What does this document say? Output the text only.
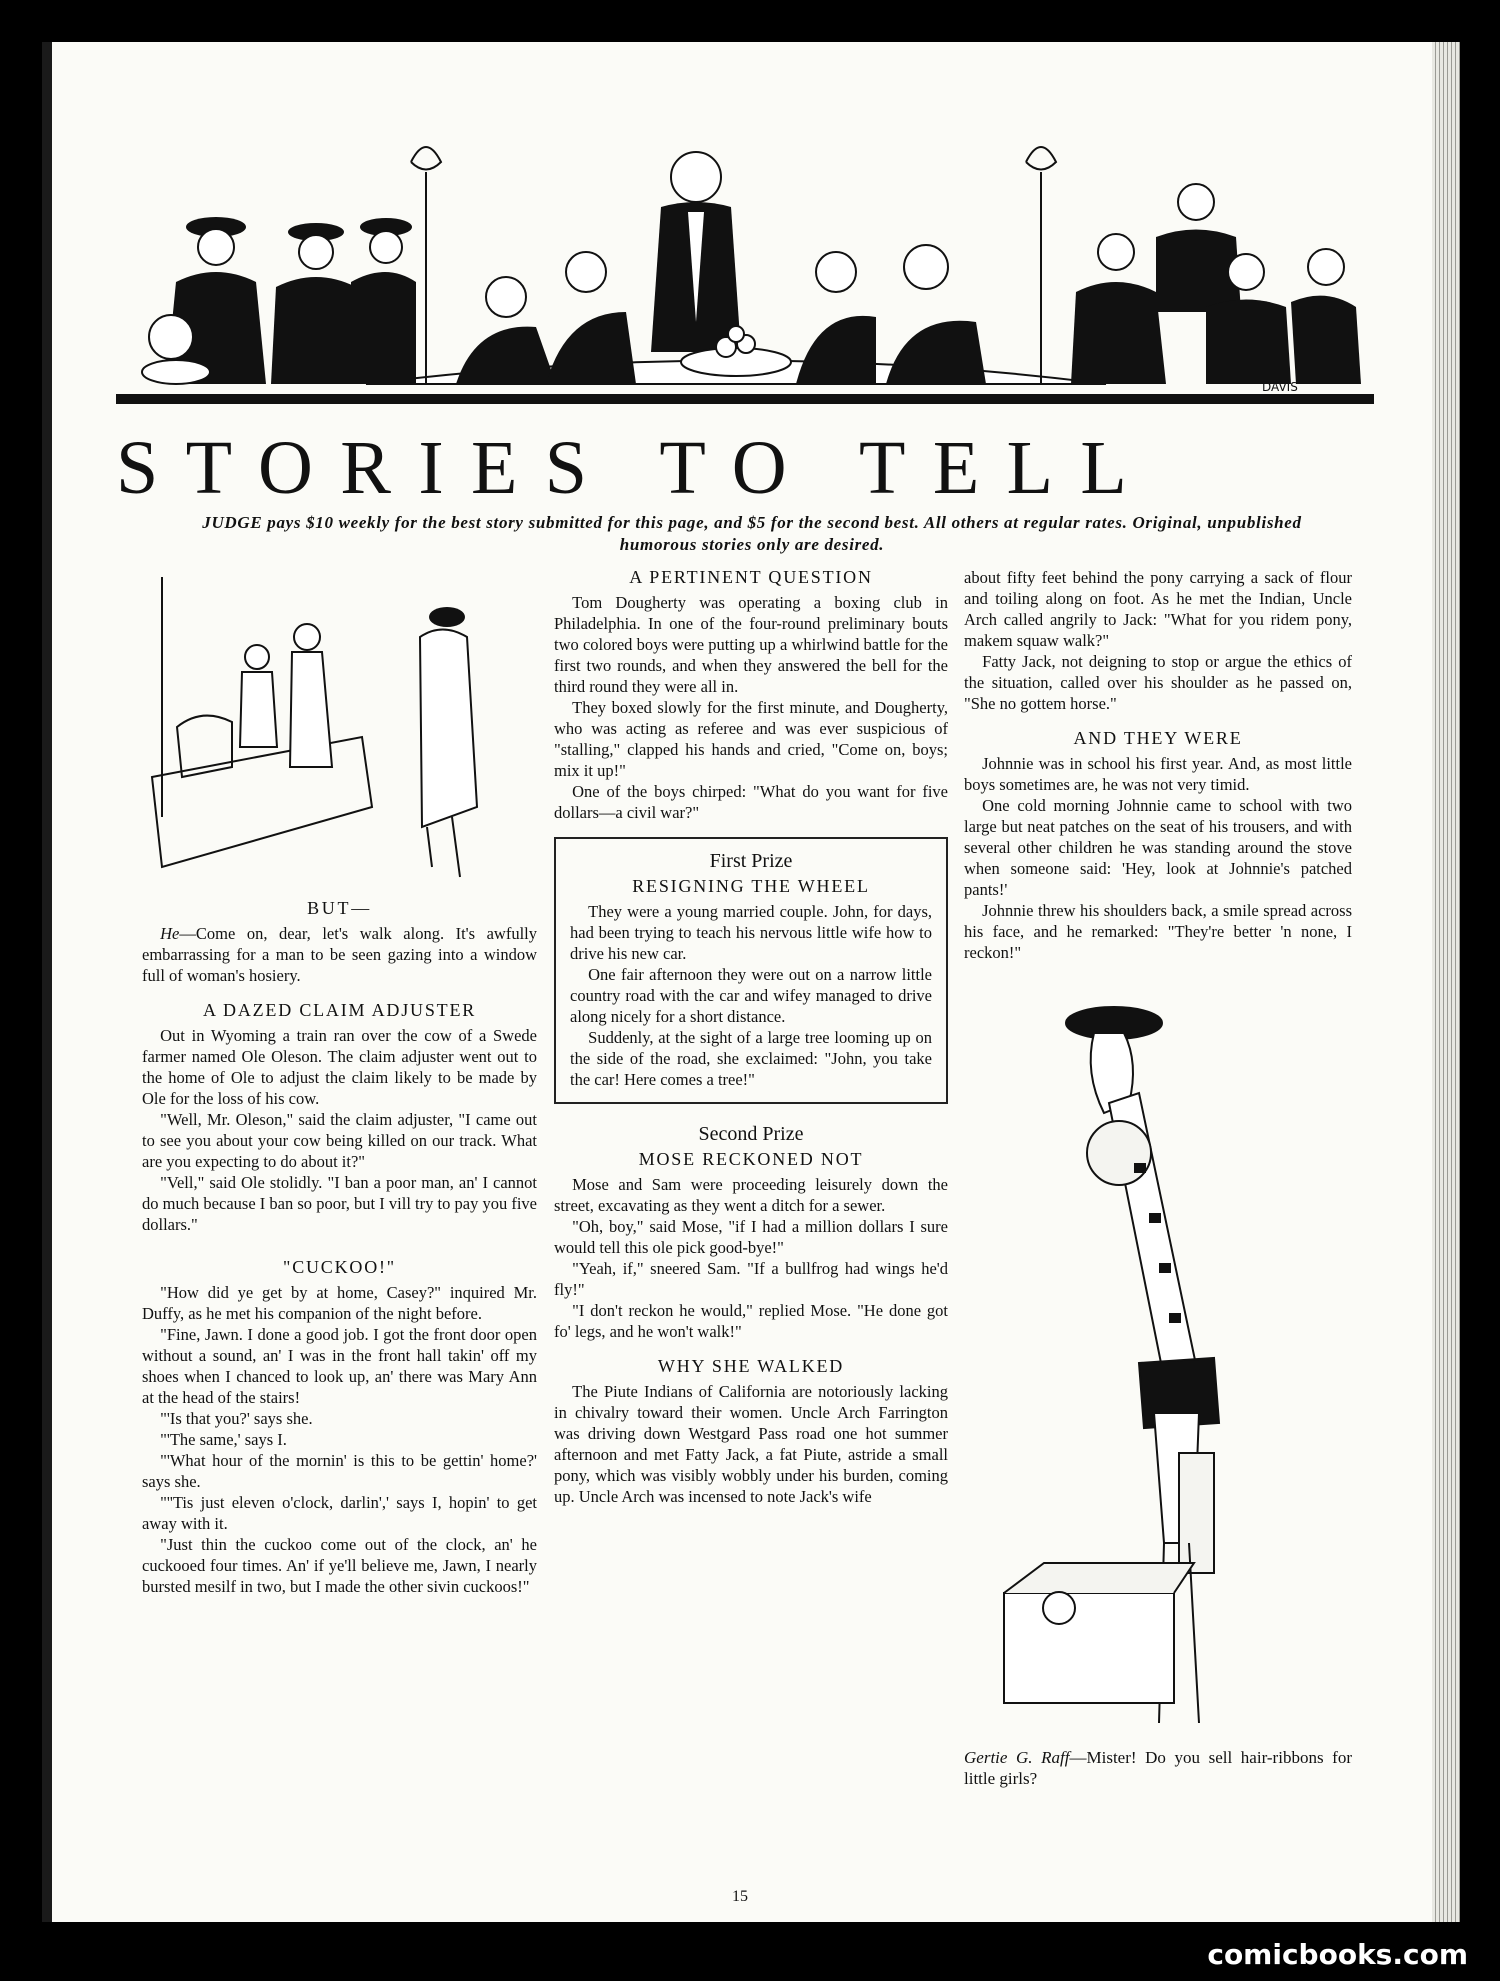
DAVIS
STORIES TO TELL
JUDGE pays $10 weekly for the best story submitted for this page, and $5 for the second best. All others at regular rates. Original, unpublished humorous stories only are desired.
BUT—

He—Come on, dear, let's walk along. It's awfully embarrassing for a man to be seen gazing into a window full of woman's hosiery.

A DAZED CLAIM ADJUSTER

Out in Wyoming a train ran over the cow of a Swede farmer named Ole Oleson. The claim adjuster went out to the home of Ole to adjust the claim likely to be made by Ole for the loss of his cow.

"Well, Mr. Oleson," said the claim adjuster, "I came out to see you about your cow being killed on our track. What are you expecting to do about it?"

"Vell," said Ole stolidly. "I ban a poor man, an' I cannot do much because I ban so poor, but I vill try to pay you five dollars."

"CUCKOO!"

"How did ye get by at home, Casey?" inquired Mr. Duffy, as he met his companion of the night before.

"Fine, Jawn. I done a good job. I got the front door open without a sound, an' I was in the front hall takin' off my shoes when I chanced to look up, an' there was Mary Ann at the head of the stairs!

"'Is that you?' says she.

"'The same,' says I.

"'What hour of the mornin' is this to be gettin' home?' says she.

"''Tis just eleven o'clock, darlin',' says I, hopin' to get away with it.

"Just thin the cuckoo come out of the clock, an' he cuckooed four times. An' if ye'll believe me, Jawn, I nearly bursted mesilf in two, but I made the other sivin cuckoos!"

A PERTINENT QUESTION

Tom Dougherty was operating a boxing club in Philadelphia. In one of the four-round preliminary bouts two colored boys were putting up a whirlwind battle for the first two rounds, and when they answered the bell for the third round they were all in.

They boxed slowly for the first minute, and Dougherty, who was acting as referee and was ever suspicious of "stalling," clapped his hands and cried, "Come on, boys; mix it up!"

One of the boys chirped: "What do you want for five dollars—a civil war?"

First Prize
RESIGNING THE WHEEL

They were a young married couple. John, for days, had been trying to teach his nervous little wife how to drive his new car.

One fair afternoon they were out on a narrow little country road with the car and wifey managed to drive along nicely for a short distance.

Suddenly, at the sight of a large tree looming up on the side of the road, she exclaimed: "John, you take the car! Here comes a tree!"

Second Prize
MOSE RECKONED NOT

Mose and Sam were proceeding leisurely down the street, excavating as they went a ditch for a sewer.

"Oh, boy," said Mose, "if I had a million dollars I sure would tell this ole pick good-bye!"

"Yeah, if," sneered Sam. "If a bullfrog had wings he'd fly!"

"I don't reckon he would," replied Mose. "He done got fo' legs, and he won't walk!"

WHY SHE WALKED

The Piute Indians of California are notoriously lacking in chivalry toward their women. Uncle Arch Farrington was driving down Westgard Pass road one hot summer afternoon and met Fatty Jack, a fat Piute, astride a small pony, which was visibly wobbly under his burden, coming up. Uncle Arch was incensed to note Jack's wife

about fifty feet behind the pony carrying a sack of flour and toiling along on foot. As he met the Indian, Uncle Arch called angrily to Jack: "What for you ridem pony, makem squaw walk?"

Fatty Jack, not deigning to stop or argue the ethics of the situation, called over his shoulder as he passed on, "She no gottem horse."

AND THEY WERE

Johnnie was in school his first year. And, as most little boys sometimes are, he was not very timid.

One cold morning Johnnie came to school with two large but neat patches on the seat of his trousers, and with several other children he was standing around the stove when someone said: 'Hey, look at Johnnie's patched pants!'

Johnnie threw his shoulders back, a smile spread across his face, and he remarked: "They're better 'n none, I reckon!"

Gertie G. Raff—Mister! Do you sell hair-ribbons for little girls?

15
comicbooks.com
